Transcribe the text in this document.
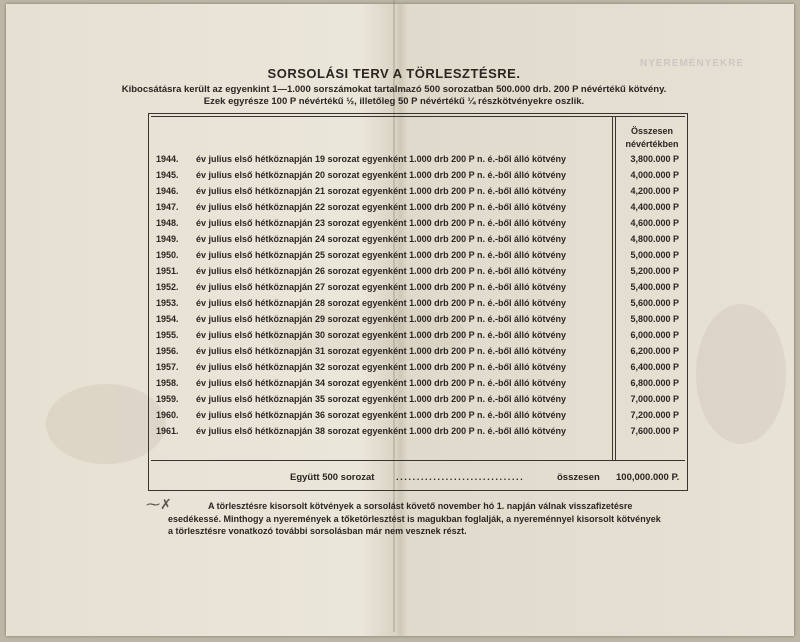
NYEREMÉNYEKRE
SORSOLÁSI TERV A TÖRLESZTÉSRE.
Kibocsátásra került az egyenkint 1—1.000 sorszámokat tartalmazó 500 sorozatban 500.000 drb. 200 P névértékű kötvény.
Ezek egyrésze 100 P névértékű ½, illetőleg 50 P névértékű ¼ részkötvényekre oszlik.
Összesen
névértékben
1944. év julius első hétköznapján 19 sorozat egyenként 1.000 drb 200 P n. é.-ből álló kötvény	3,800.000 P
1945. év julius első hétköznapján 20 sorozat egyenként 1.000 drb 200 P n. é.-ből álló kötvény	4,000.000 P
1946. év julius első hétköznapján 21 sorozat egyenként 1.000 drb 200 P n. é.-ből álló kötvény	4,200.000 P
1947. év julius első hétköznapján 22 sorozat egyenként 1.000 drb 200 P n. é.-ből álló kötvény	4,400.000 P
1948. év julius első hétköznapján 23 sorozat egyenként 1.000 drb 200 P n. é.-ből álló kötvény	4,600.000 P
1949. év julius első hétköznapján 24 sorozat egyenként 1.000 drb 200 P n. é.-ből álló kötvény	4,800.000 P
1950. év julius első hétköznapján 25 sorozat egyenként 1.000 drb 200 P n. é.-ből álló kötvény	5,000.000 P
1951. év julius első hétköznapján 26 sorozat egyenként 1.000 drb 200 P n. é.-ből álló kötvény	5,200.000 P
1952. év julius első hétköznapján 27 sorozat egyenként 1.000 drb 200 P n. é.-ből álló kötvény	5,400.000 P
1953. év julius első hétköznapján 28 sorozat egyenként 1.000 drb 200 P n. é.-ből álló kötvény	5,600.000 P
1954. év julius első hétköznapján 29 sorozat egyenként 1.000 drb 200 P n. é.-ből álló kötvény	5,800.000 P
1955. év julius első hétköznapján 30 sorozat egyenként 1.000 drb 200 P n. é.-ből álló kötvény	6,000.000 P
1956. év julius első hétköznapján 31 sorozat egyenként 1.000 drb 200 P n. é.-ből álló kötvény	6,200.000 P
1957. év julius első hétköznapján 32 sorozat egyenként 1.000 drb 200 P n. é.-ből álló kötvény	6,400.000 P
1958. év julius első hétköznapján 34 sorozat egyenként 1.000 drb 200 P n. é.-ből álló kötvény	6,800.000 P
1959. év julius első hétköznapján 35 sorozat egyenként 1.000 drb 200 P n. é.-ből álló kötvény	7,000.000 P
1960. év julius első hétköznapján 36 sorozat egyenként 1.000 drb 200 P n. é.-ből álló kötvény	7,200.000 P
1961. év julius első hétköznapján 38 sorozat egyenként 1.000 drb 200 P n. é.-ből álló kötvény	7,600.000 P
Együtt 500 sorozat ...............................	összesen 100,000.000 P.
⁓✗	A törlesztésre kisorsolt kötvények a sorsolást követő november hó 1. napján válnak visszafizetésre

esedékessé. Minthogy a nyeremények a tőketörlesztést is magukban foglalják, a nyereménnyel kisorsolt kötvények

a törlesztésre vonatkozó további sorsolásban már nem vesznek részt.
